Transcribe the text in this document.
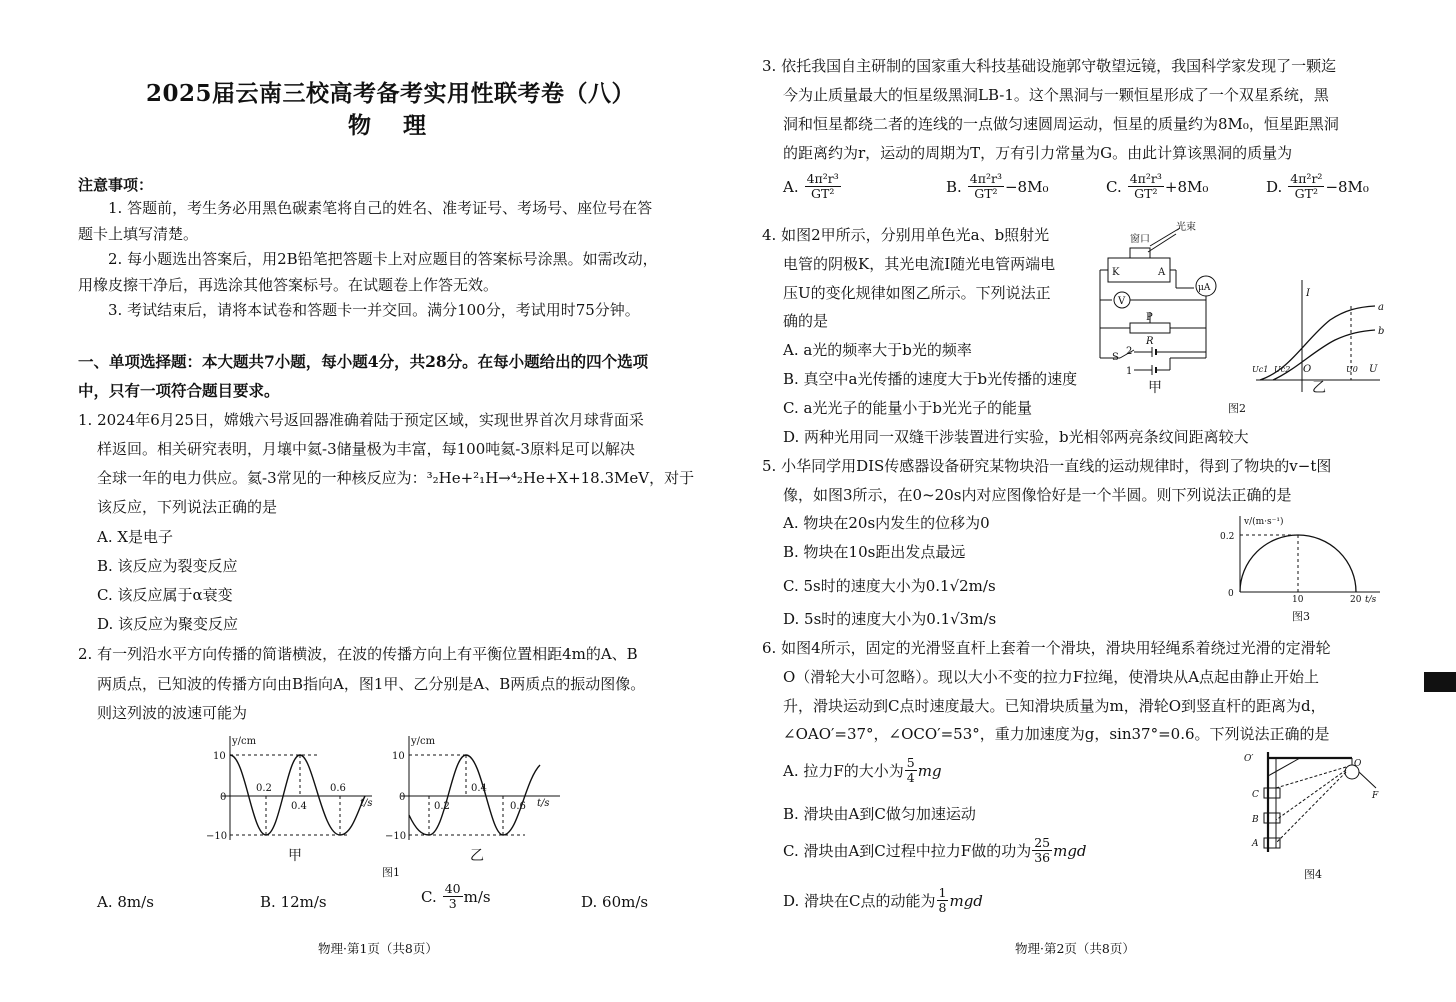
2025届云南三校高考备考实用性联考卷（八）
物 理
注意事项：
1. 答题前，考生务必用黑色碳素笔将自己的姓名、准考证号、考场号、座位号在答
题卡上填写清楚。
2. 每小题选出答案后，用2B铅笔把答题卡上对应题目的答案标号涂黑。如需改动，
用橡皮擦干净后，再选涂其他答案标号。在试题卷上作答无效。
3. 考试结束后，请将本试卷和答题卡一并交回。满分100分，考试用时75分钟。
一、单项选择题：本大题共7小题，每小题4分，共28分。在每小题给出的四个选项
中，只有一项符合题目要求。
1. 2024年6月25日，嫦娥六号返回器准确着陆于预定区域，实现世界首次月球背面采
样返回。相关研究表明，月壤中氦-3储量极为丰富，每100吨氦-3原料足可以解决
全球一年的电力供应。氦-3常见的一种核反应为：³₂He+²₁H→⁴₂He+X+18.3MeV，对于
该反应，下列说法正确的是
A. X是电子
B. 该反应为裂变反应
C. 该反应属于α衰变
D. 该反应为聚变反应
2. 有一列沿水平方向传播的简谐横波，在波的传播方向上有平衡位置相距4m的A、B
两质点，已知波的传播方向由B指向A，图1甲、乙分别是A、B两质点的振动图像。
则这列波的波速可能为
y/cm
10
0
−10
0.2
0.4
0.6
t/s
y/cm
10
0
−10
0.2
0.4
0.6 t/s
甲	乙
图1
A. 8m/s	B. 12m/s	C. $\frac{40}{3} m/s$	D. 60m/s
物理·第1页（共8页）
3. 依托我国自主研制的国家重大科技基础设施郭守敬望远镜，我国科学家发现了一颗迄
今为止质量最大的恒星级黑洞LB-1。这个黑洞与一颗恒星形成了一个双星系统，黑
洞和恒星都绕二者的连线的一点做匀速圆周运动，恒星的质量约为8M₀，恒星距黑洞
的距离约为r，运动的周期为T，万有引力常量为G。由此计算该黑洞的质量为
A. $\frac{\text{4π²r³}}{\text{GT²}}$	B. $\frac{\text{4π²r³}}{\text{GT²}} -8M_0$	C. $\frac{\text{4π²r³}}{\text{GT²}} +8M_0$	D. $\frac{\text{4π²r²}}{\text{GT²}} -8M_0$
4. 如图2甲所示，分别用单色光a、b照射光
电管的阴极K，其光电流I随光电管两端电
压U的变化规律如图乙所示。下列说法正
确的是
A. a光的频率大于b光的频率
B. 真空中a光传播的速度大于b光传播的速度
C. a光光子的能量小于b光光子的能量
D. 两种光用同一双缝干涉装置进行实验，b光相邻两亮条纹间距离较大
窗口
光束
K	A
μA
V
P
R
S
2
1
I
U
a
b
O
Uc1 Uc2	U0
甲	乙
图2
5. 小华同学用DIS传感器设备研究某物块沿一直线的运动规律时，得到了物块的v−t图
像，如图3所示，在0~20s内对应图像恰好是一个半圆。则下列说法正确的是
A. 物块在20s内发生的位移为0
B. 物块在10s距出发点最远
C. 5s时的速度大小为0.1√2m/s
D. 5s时的速度大小为0.1√3m/s
v/(m·s⁻¹)
0.2
0
10	20 t/s
图3
6. 如图4所示，固定的光滑竖直杆上套着一个滑块，滑块用轻绳系着绕过光滑的定滑轮
O（滑轮大小可忽略）。现以大小不变的拉力F拉绳，使滑块从A点起由静止开始上
升，滑块运动到C点时速度最大。已知滑块质量为m，滑轮O到竖直杆的距离为d，
∠OAO′=37°，∠OCO′=53°，重力加速度为g，sin37°=0.6。下列说法正确的是
A. 拉力F的大小为 $\frac{5}{4}$ mg
B. 滑块由A到C做匀加速运动
C. 滑块由A到C过程中拉力F做的功为 $\frac{25}{36}$ mgd
D. 滑块在C点的动能为 $\frac{1}{8}$ mgd
O′	O
F
C
B
A
图4
物理·第2页（共8页）
